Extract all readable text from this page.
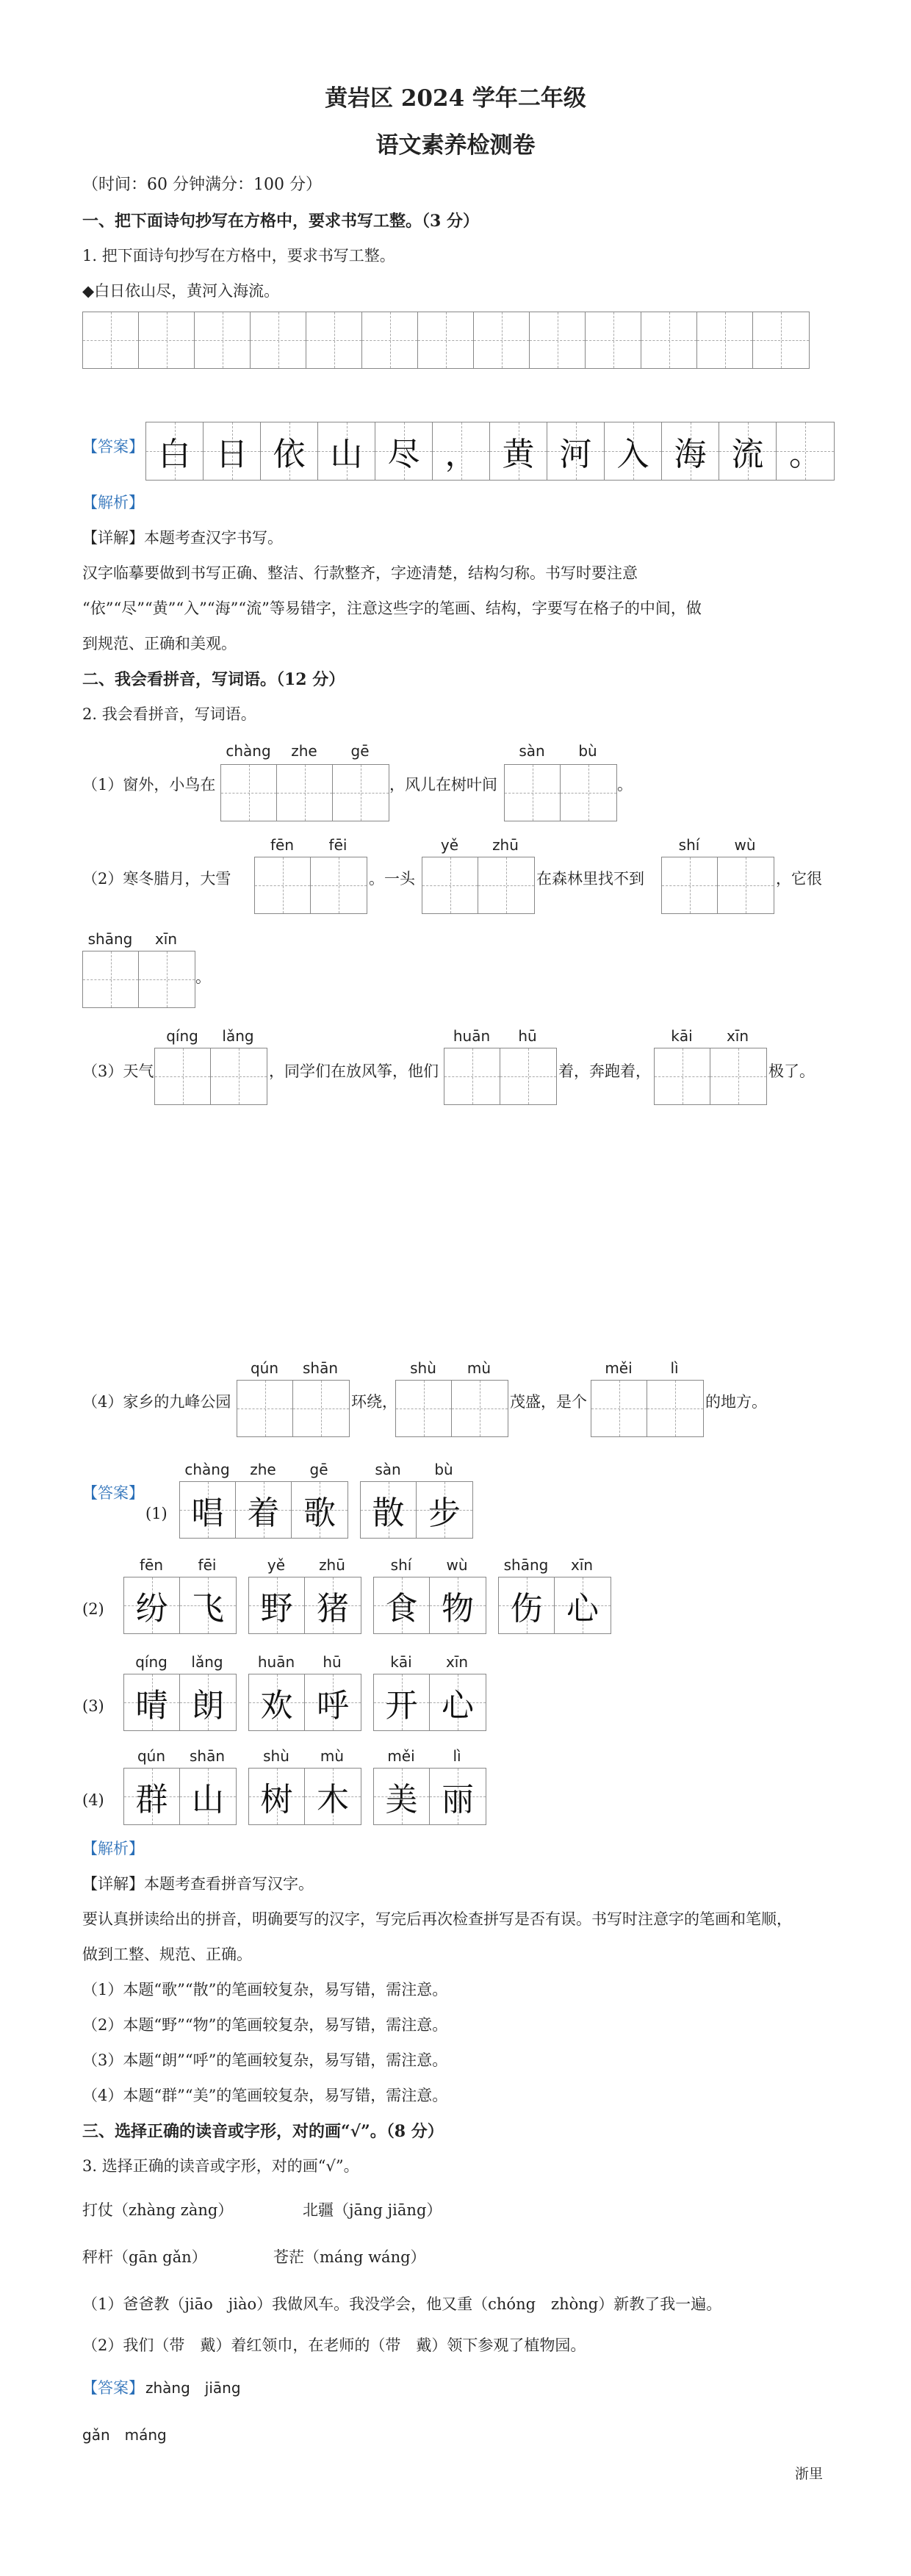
黄岩区 2024 学年二年级
语文素养检测卷
（时间：60 分钟满分：100 分）
一、把下面诗句抄写在方格中，要求书写工整。（3 分）
1. 把下面诗句抄写在方格中，要求书写工整。
◆白日依山尽，黄河入海流。
【答案】 白 日 依 山 尽 ， 黄 河 入 海 流 。
【解析】
【详解】本题考查汉字书写。
汉字临摹要做到书写正确、整洁、行款整齐，字迹清楚，结构匀称。书写时要注意
“依”“尽”“黄”“入”“海”“流”等易错字，注意这些字的笔画、结构，字要写在格子的中间，做
到规范、正确和美观。
二、我会看拼音，写词语。（12 分）
2. 我会看拼音，写词语。
（1）窗外，小鸟在
chàng	zhe	gē
，风儿在树叶间
sàn	bù
。
（2）寒冬腊月，大雪
fēn	fēi
。一头
yě	zhū
在森林里找不到
shí	wù
，它很
shāng	xīn
。
（3）天气
qíng	lǎng
，同学们在放风筝，他们
huān	hū
着，奔跑着，
kāi	xīn
极了。
（4）家乡的九峰公园
qún	shān
环绕，
shù	mù
茂盛，是个
měi	lì
的地方。
【答案】
(1)
chàng	zhe	gē
唱 着 歌
sàn	bù
散 步
(2)
fēn	fēi
纷 飞
yě	zhū
野 猪
shí	wù
食 物
shāng	xīn
伤 心
(3)
qíng	lǎng
晴 朗
huān	hū
欢 呼
kāi	xīn
开 心
(4)
qún	shān
群 山
shù	mù
树 木
měi	lì
美 丽
【解析】
【详解】本题考查看拼音写汉字。
要认真拼读给出的拼音，明确要写的汉字，写完后再次检查拼写是否有误。书写时注意字的笔画和笔顺，
做到工整、规范、正确。
（1）本题“歌”“散”的笔画较复杂，易写错，需注意。
（2）本题“野”“物”的笔画较复杂，易写错，需注意。
（3）本题“朗”“呼”的笔画较复杂，易写错，需注意。
（4）本题“群”“美”的笔画较复杂，易写错，需注意。
三、选择正确的读音或字形，对的画“√”。（8 分）
3. 选择正确的读音或字形，对的画“√”。
打仗（zhàng zàng）	北疆（jāng jiāng）
秤杆（gān gǎn）	苍茫（máng wáng）
（1）爸爸教（jiāo　jiào）我做风车。我没学会，他又重（chóng　zhòng）新教了我一遍。
（2）我们（带　戴）着红领巾，在老师的（带　戴）领下参观了植物园。
【答案】 zhàng　jiāng
gǎn　máng
浙里
